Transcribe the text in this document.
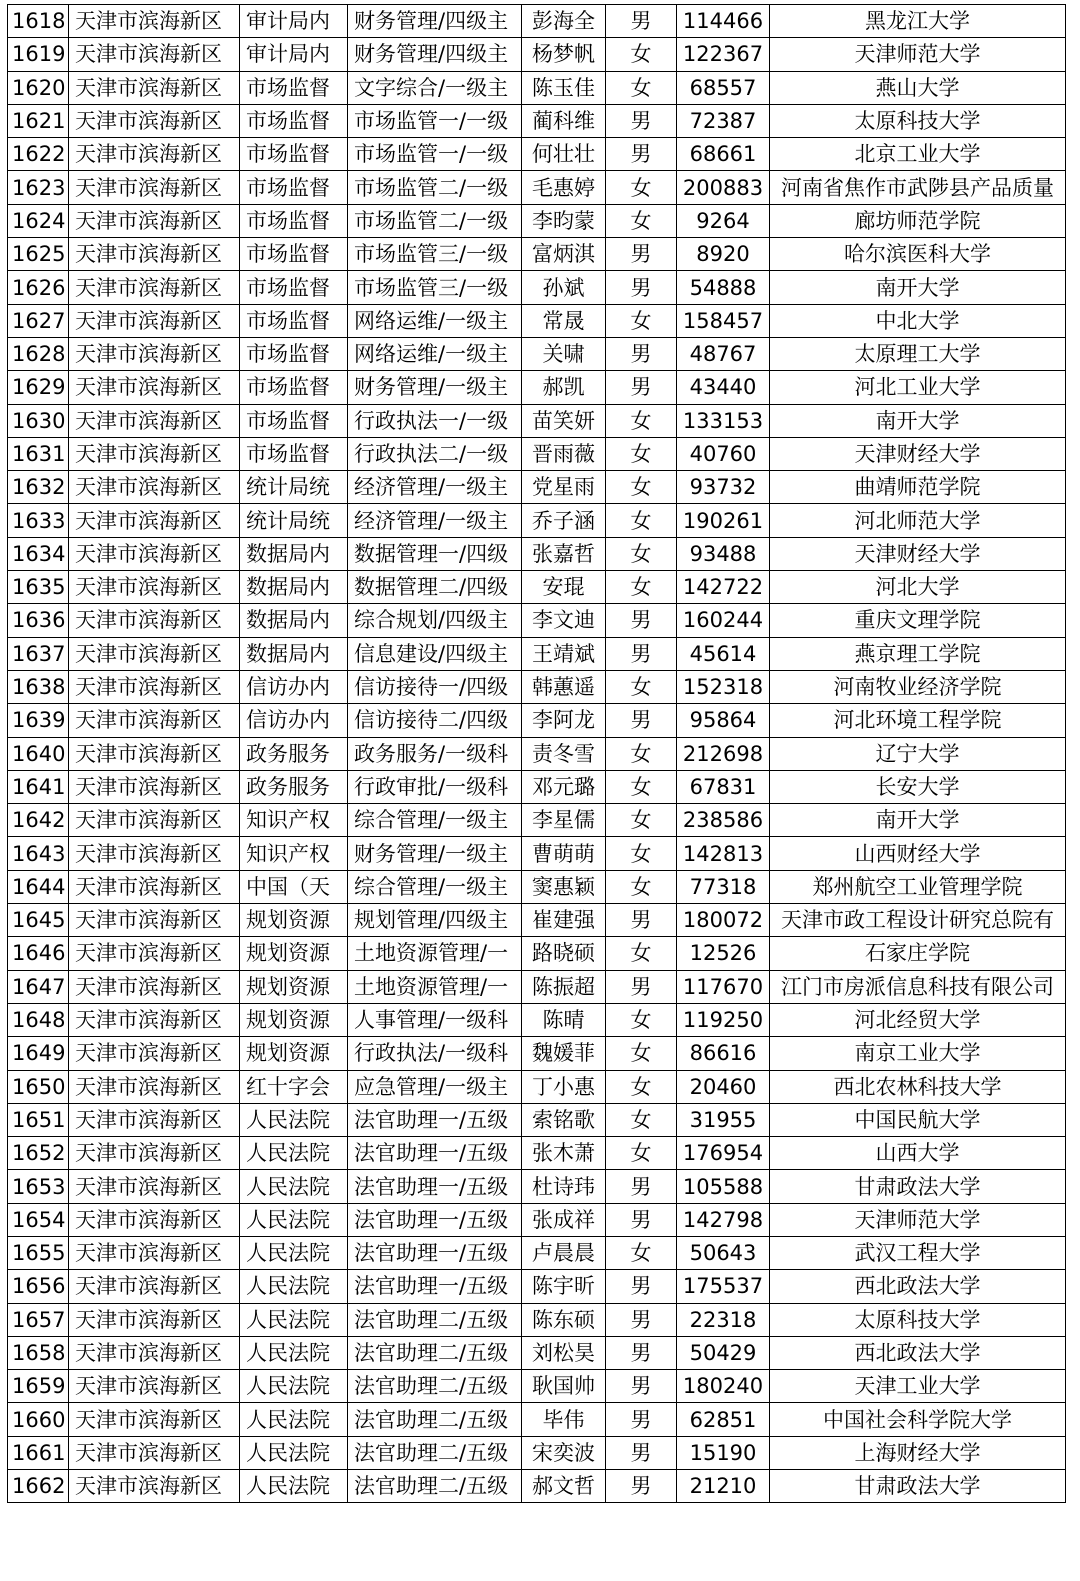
1618	天津市滨海新区	审计局内	财务管理/四级主	彭海全	男	114466	黑龙江大学
1619	天津市滨海新区	审计局内	财务管理/四级主	杨梦帆	女	122367	天津师范大学
1620	天津市滨海新区	市场监督	文字综合/一级主	陈玉佳	女	68557	燕山大学
1621	天津市滨海新区	市场监督	市场监管一/一级	蔺科维	男	72387	太原科技大学
1622	天津市滨海新区	市场监督	市场监管一/一级	何壮壮	男	68661	北京工业大学
1623	天津市滨海新区	市场监督	市场监管二/一级	毛惠婷	女	200883	河南省焦作市武陟县产品质量
1624	天津市滨海新区	市场监督	市场监管二/一级	李昀蒙	女	9264	廊坊师范学院
1625	天津市滨海新区	市场监督	市场监管三/一级	富炳淇	男	8920	哈尔滨医科大学
1626	天津市滨海新区	市场监督	市场监管三/一级	孙斌	男	54888	南开大学
1627	天津市滨海新区	市场监督	网络运维/一级主	常晟	女	158457	中北大学
1628	天津市滨海新区	市场监督	网络运维/一级主	关啸	男	48767	太原理工大学
1629	天津市滨海新区	市场监督	财务管理/一级主	郝凯	男	43440	河北工业大学
1630	天津市滨海新区	市场监督	行政执法一/一级	苗笑妍	女	133153	南开大学
1631	天津市滨海新区	市场监督	行政执法二/一级	晋雨薇	女	40760	天津财经大学
1632	天津市滨海新区	统计局统	经济管理/一级主	党星雨	女	93732	曲靖师范学院
1633	天津市滨海新区	统计局统	经济管理/一级主	乔子涵	女	190261	河北师范大学
1634	天津市滨海新区	数据局内	数据管理一/四级	张嘉哲	女	93488	天津财经大学
1635	天津市滨海新区	数据局内	数据管理二/四级	安琨	女	142722	河北大学
1636	天津市滨海新区	数据局内	综合规划/四级主	李文迪	男	160244	重庆文理学院
1637	天津市滨海新区	数据局内	信息建设/四级主	王靖斌	男	45614	燕京理工学院
1638	天津市滨海新区	信访办内	信访接待一/四级	韩蕙遥	女	152318	河南牧业经济学院
1639	天津市滨海新区	信访办内	信访接待二/四级	李阿龙	男	95864	河北环境工程学院
1640	天津市滨海新区	政务服务	政务服务/一级科	责冬雪	女	212698	辽宁大学
1641	天津市滨海新区	政务服务	行政审批/一级科	邓元璐	女	67831	长安大学
1642	天津市滨海新区	知识产权	综合管理/一级主	李星儒	女	238586	南开大学
1643	天津市滨海新区	知识产权	财务管理/一级主	曹萌萌	女	142813	山西财经大学
1644	天津市滨海新区	中国（天	综合管理/一级主	窦惠颖	女	77318	郑州航空工业管理学院
1645	天津市滨海新区	规划资源	规划管理/四级主	崔建强	男	180072	天津市政工程设计研究总院有
1646	天津市滨海新区	规划资源	土地资源管理/一	路晓硕	女	12526	石家庄学院
1647	天津市滨海新区	规划资源	土地资源管理/一	陈振超	男	117670	江门市房派信息科技有限公司
1648	天津市滨海新区	规划资源	人事管理/一级科	陈晴	女	119250	河北经贸大学
1649	天津市滨海新区	规划资源	行政执法/一级科	魏媛菲	女	86616	南京工业大学
1650	天津市滨海新区	红十字会	应急管理/一级主	丁小惠	女	20460	西北农林科技大学
1651	天津市滨海新区	人民法院	法官助理一/五级	索铭歌	女	31955	中国民航大学
1652	天津市滨海新区	人民法院	法官助理一/五级	张木萧	女	176954	山西大学
1653	天津市滨海新区	人民法院	法官助理一/五级	杜诗玮	男	105588	甘肃政法大学
1654	天津市滨海新区	人民法院	法官助理一/五级	张成祥	男	142798	天津师范大学
1655	天津市滨海新区	人民法院	法官助理一/五级	卢晨晨	女	50643	武汉工程大学
1656	天津市滨海新区	人民法院	法官助理一/五级	陈宇昕	男	175537	西北政法大学
1657	天津市滨海新区	人民法院	法官助理二/五级	陈东硕	男	22318	太原科技大学
1658	天津市滨海新区	人民法院	法官助理二/五级	刘松昊	男	50429	西北政法大学
1659	天津市滨海新区	人民法院	法官助理二/五级	耿国帅	男	180240	天津工业大学
1660	天津市滨海新区	人民法院	法官助理二/五级	毕伟	男	62851	中国社会科学院大学
1661	天津市滨海新区	人民法院	法官助理二/五级	宋奕波	男	15190	上海财经大学
1662	天津市滨海新区	人民法院	法官助理二/五级	郝文哲	男	21210	甘肃政法大学
